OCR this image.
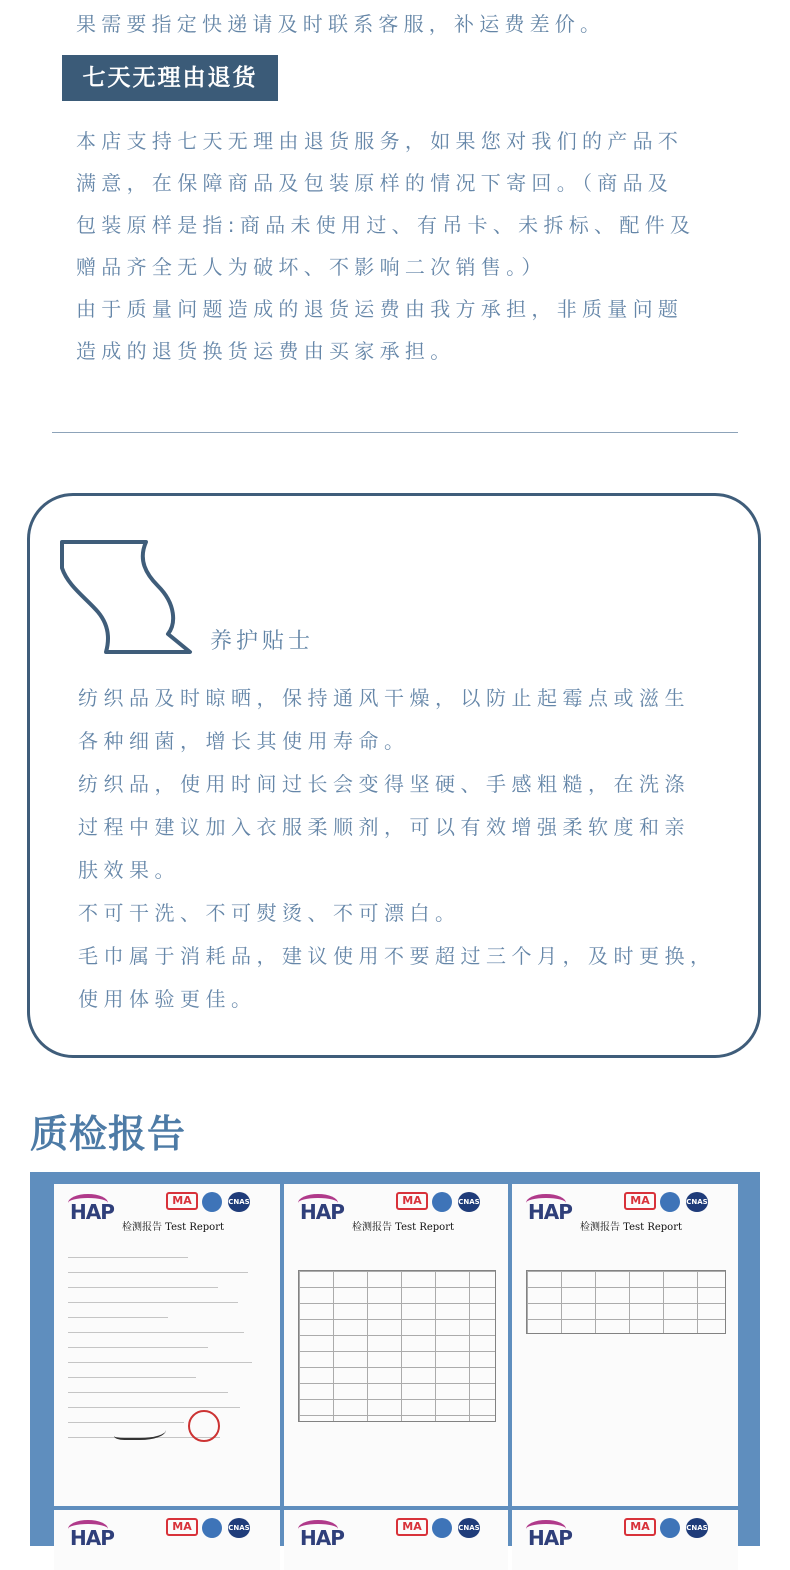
果需要指定快递请及时联系客服，补运费差价。
七天无理由退货
本店支持七天无理由退货服务，如果您对我们的产品不
满意，在保障商品及包装原样的情况下寄回。（商品及
包装原样是指:商品未使用过、有吊卡、未拆标、配件及
赠品齐全无人为破坏、不影响二次销售。）
由于质量问题造成的退货运费由我方承担，非质量问题
造成的退货换货运费由买家承担。
养护贴士
纺织品及时晾晒，保持通风干燥，以防止起霉点或滋生
各种细菌，增长其使用寿命。
纺织品，使用时间过长会变得坚硬、手感粗糙，在洗涤
过程中建议加入衣服柔顺剂，可以有效增强柔软度和亲
肤效果。
不可干洗、不可熨烫、不可漂白。
毛巾属于消耗品，建议使用不要超过三个月，及时更换，
使用体验更佳。
质检报告
HAP	MA	CNAS
检测报告 Test Report
HAP	MA	CNAS
检测报告 Test Report
HAP	MA	CNAS
检测报告 Test Report
HAP	MA	CNAS	HAP	MA	CNAS HAP	MA	CNAS
